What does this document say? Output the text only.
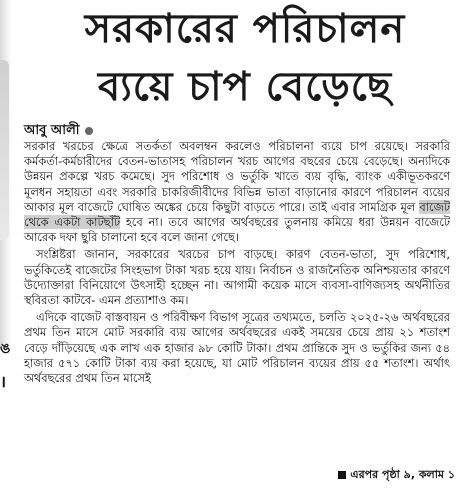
ঙ
।
সরকারের পরিচালন
ব্যয়ে চাপ বেড়েছে
আবু আলী

সরকার খরচের ক্ষেত্রে সতর্কতা অবলম্বন করলেও পরিচালনা ব্যয়ে চাপ রয়েছে। সরকারি কর্মকর্তা-কর্মচারীদের বেতন-ভাতাসহ পরিচালন খরচ আগের বছরের চেয়ে বেড়েছে। অন্যদিকে উন্নয়ন প্রকল্পে খরচ কমেছে। সুদ পরিশোধ ও ভর্তুকি খাতে ব্যয় বৃদ্ধি, ব্যাংক একীভূতকরণে মূলধন সহায়তা এবং সরকারি চাকরিজীবীদের বিভিন্ন ভাতা বাড়ানোর কারণে পরিচালন ব্যয়ের আকার মূল বাজেটে ঘোষিত অঙ্কের চেয়ে কিছুটা বাড়তে পারে। তাই এবার সামগ্রিক মূল বাজেট থেকে একটা কাটছাঁট হবে না। তবে আগের অর্থবছরের তুলনায় কমিয়ে ধরা উন্নয়ন বাজেটে আরেক দফা ছুরি চালানো হবে বলে জানা গেছে।

সংশ্লিষ্টরা জানান, সরকারের খরচের চাপ বাড়ছে। কারণ বেতন-ভাতা, সুদ পরিশোধ, ভর্তুকিতেই বাজেটের সিংহভাগ টাকা খরচ হয়ে যায়। নির্বাচন ও রাজনৈতিক অনিশ্চয়তার কারণে উদ্যোক্তারা বিনিয়োগে উৎসাহী হচ্ছেন না। আগামী কয়েক মাসে ব্যবসা-বাণিজ্যসহ অর্থনীতির স্থবিরতা কাটবে- এমন প্রত্যাশাও কম।

এদিকে বাজেট বাস্তবায়ন ও পরিবীক্ষণ বিভাগ সূত্রের তথ্যমতে, চলতি ২০২৫-২৬ অর্থবছরের প্রথম তিন মাসে মোট সরকারি ব্যয় আগের অর্থবছরের একই সময়ের চেয়ে প্রায় ২১ শতাংশ বেড়ে দাঁড়িয়েছে এক লাখ এক হাজার ৯৮ কোটি টাকা। প্রথম প্রান্তিকে সুদ ও ভর্তুকির জন্য ৫৪ হাজার ৫৭১ কোটি টাকা ব্যয় করা হয়েছে, যা মোট পরিচালন ব্যয়ের প্রায় ৫৫ শতাংশ। অর্থাৎ অর্থবছরের প্রথম তিন মাসেই

এরপর পৃষ্ঠা ৯, কলাম ১
